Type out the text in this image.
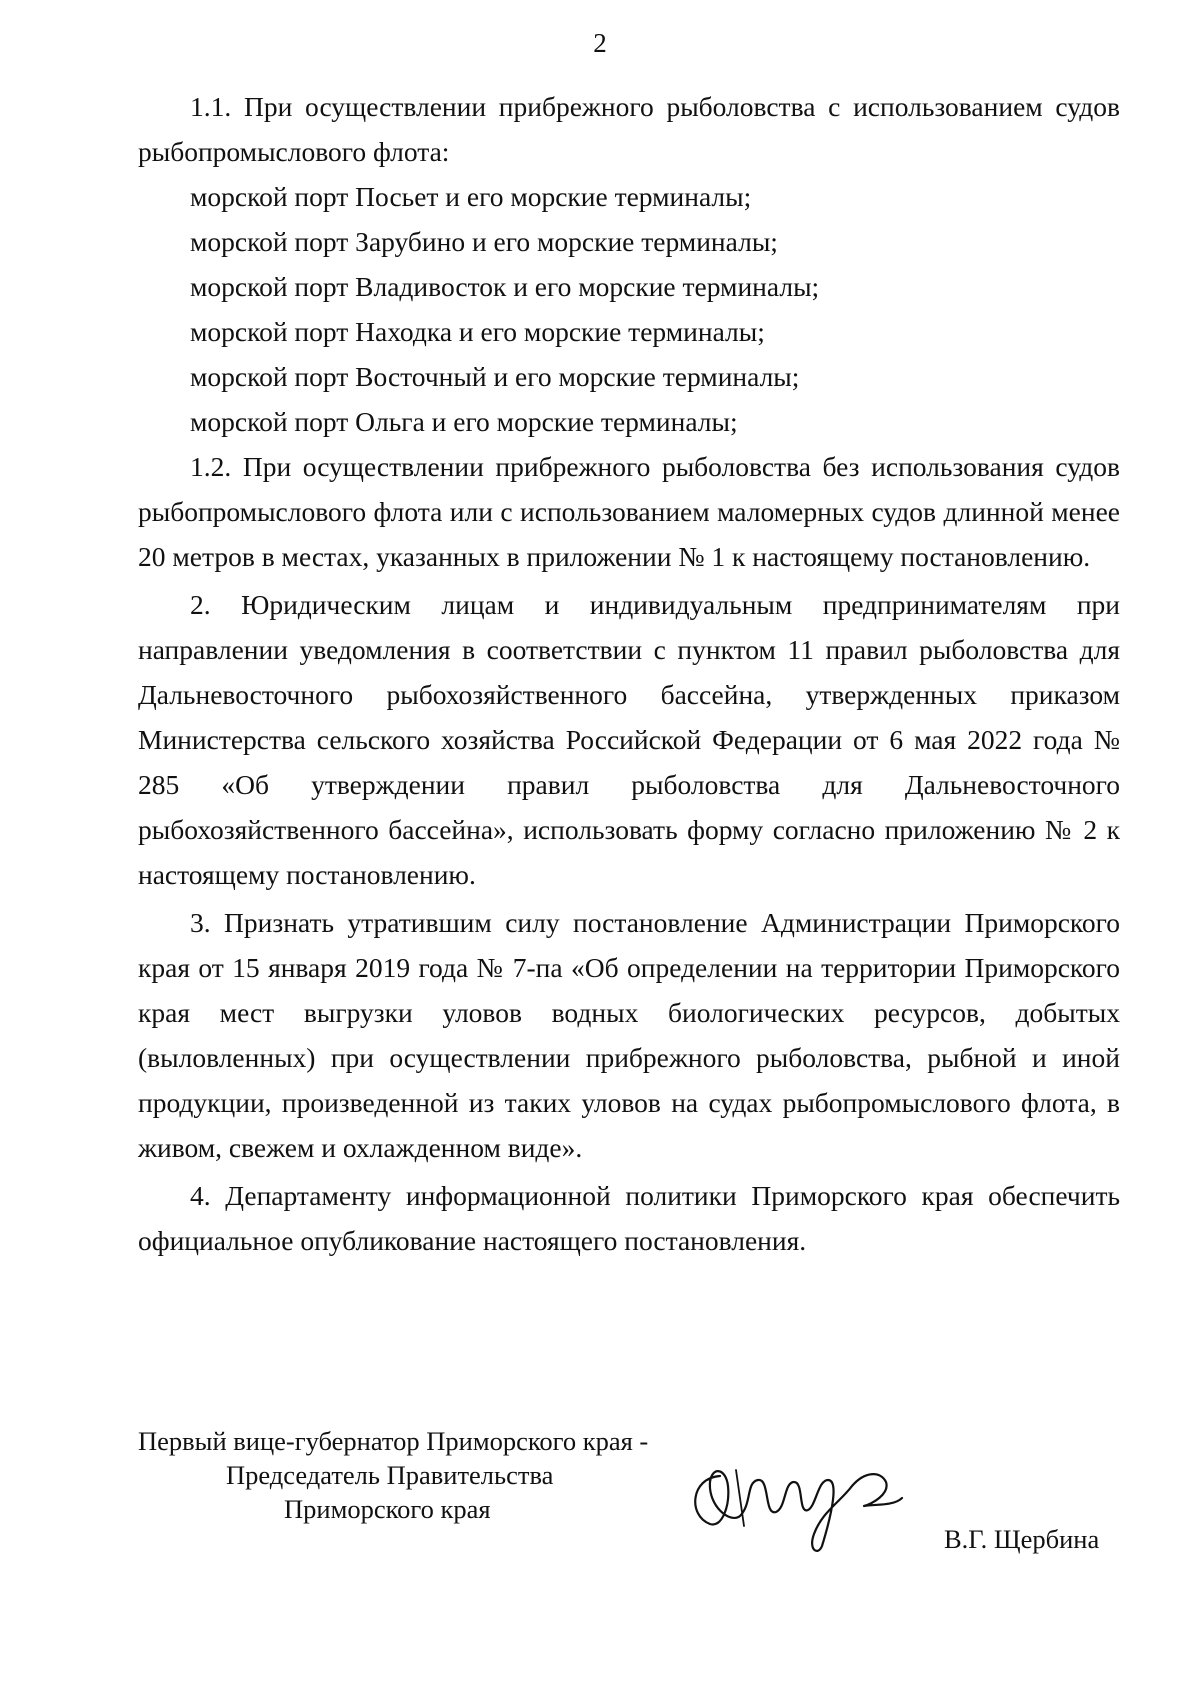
2

1.1. При осуществлении прибрежного рыболовства с использованием судов рыбопромыслового флота:

морской порт Посьет и его морские терминалы;

морской порт Зарубино и его морские терминалы;

морской порт Владивосток и его морские терминалы;

морской порт Находка и его морские терминалы;

морской порт Восточный и его морские терминалы;

морской порт Ольга и его морские терминалы;

1.2. При осуществлении прибрежного рыболовства без использования судов рыбопромыслового флота или с использованием маломерных судов длинной менее 20 метров в местах, указанных в приложении № 1 к настоящему постановлению.

2. Юридическим лицам и индивидуальным предпринимателям при направлении уведомления в соответствии с пунктом 11 правил рыболовства для Дальневосточного рыбохозяйственного бассейна, утвержденных приказом Министерства сельского хозяйства Российской Федерации от 6 мая 2022 года № 285 «Об утверждении правил рыболовства для Дальневосточного рыбохозяйственного бассейна», использовать форму согласно приложению № 2 к настоящему постановлению.

3. Признать утратившим силу постановление Администрации Приморского края от 15 января 2019 года № 7-па «Об определении на территории Приморского края мест выгрузки уловов водных биологических ресурсов, добытых (выловленных) при осуществлении прибрежного рыболовства, рыбной и иной продукции, произведенной из таких уловов на судах рыбопромыслового флота, в живом, свежем и охлажденном виде».

4. Департаменту информационной политики Приморского края обеспечить официальное опубликование настоящего постановления.

Первый вице-губернатор Приморского края -
Председатель Правительства
Приморского края
В.Г. Щербина
